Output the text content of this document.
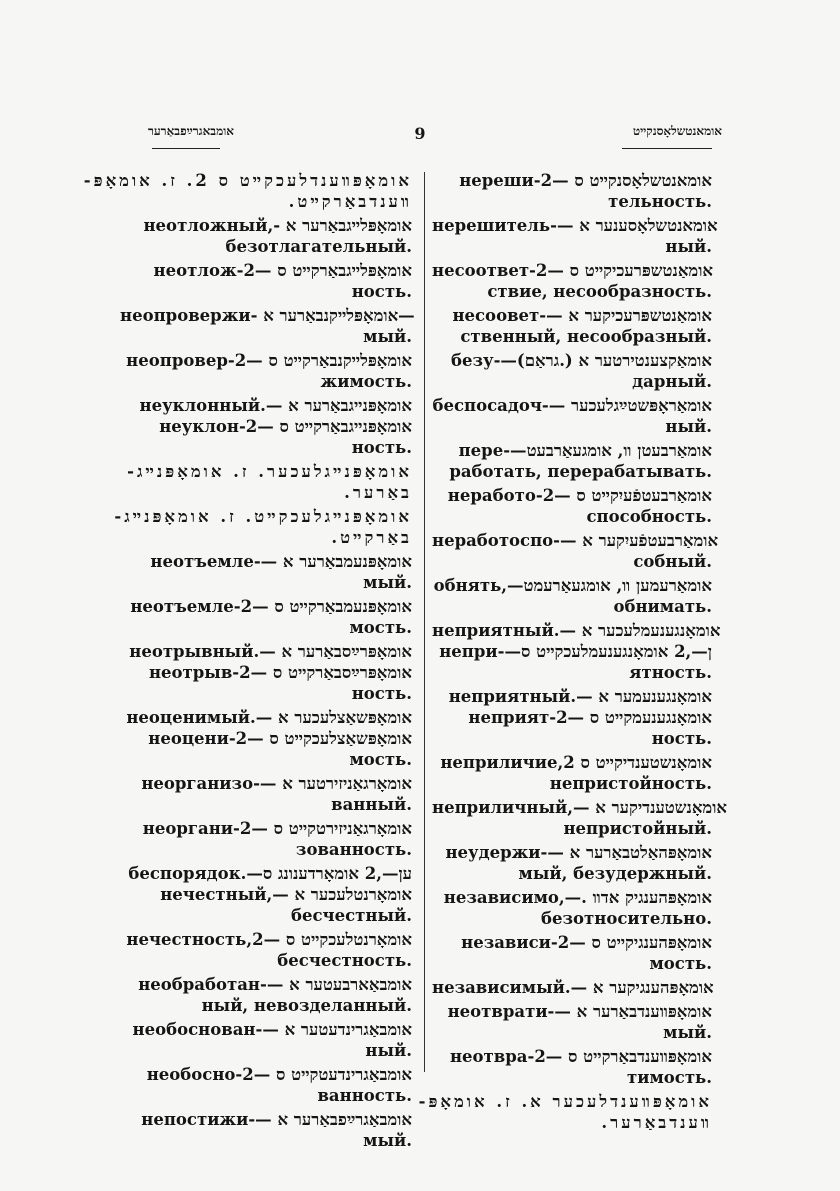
אומבאגרײַפבאַרער	9	אומאנטשלאָסנקײט
אומאָפּװענדלעכקײט ס 2. ז. אומאָפּ-
װענדבאַרקײט.
неотложный,- אומאָפּלײגבאַרער א
безотлагательный.
неотлож-2— אומאָפּלײגבאַרקײט ס
ность.
неопровержи- אומאָפּלײקנבאַרער א—
мый.
неопровер-2— אומאָפּלײקנבאַרקײט ס
жимость.
неуклонный.— אומאָפּנײגבאַרער א
неуклон-2— אומאָפּנײגבאַרקײט ס
ность.
אומאָפּנײגלעכער. ז. אומאָפּנײג-
באַרער.
אומאָפּנײגלעכקײט. ז. אומאָפּנײג-
באַרקײט.
неотъемле-— אומאָפּנעמבאַרער א
мый.
неотъемле-2— אומאָפּנעמבאַרקײט ס
мость.
неотрывный.— אומאָפּרײַסבאַרער א
неотрыв-2— אומאָפּרײַסבאַרקײט ס
ность.
неоценимый.— אומאָפּשאַצלעכער א
неоцени-2— אומאָפּשאַצלעכקײט ס
мость.
неорганизо-— אומאָרגאַניזירטער א
ванный.
неоргани-2— אומאָרגאַניזירטקײט ס
зованность.
беспорядок.—ען—,2 אומאָרדענונג ס
нечестный,— אומאָרנטלעכער א
бесчестный.
нечестность,2— אומאָרנטלעכקײט ס
бесчестность.
необработан-— אומבאַארבעטער א
ный, невозделанный.
необоснован-— אומבאַגרינדעטער א
ный.
необосно-2— אומבאַגרינדעטקײט ס
ванность.
непостижи-— אומבאַגרײַפבאַרער א
мый.
нереши-2— אומאנטשלאָסנקײט ס
тельность.
нерешитель-— אומאנטשלאָסענער א
ный.
несоответ-2— אומאַנטשפּרעכיקײט ס
ствие, несообразность.
несоовет-— אומאַנטשפּרעכיקער א
ственный, несообразный.
безу-—(גראַם.) אומאַקצענטירטער א
дарный.
беспосадоч-— אומאַראָפּשטײַגלעכער
ный.
пере-—אומאַרבעטן װ, אומגעאַרבעט
работать, перерабатывать.
неработо-2— אומאַרבעטפֿעיִקײט ס
способность.
неработоспо-— אומאַרבעטפֿעיִקער א
собный.
обнять,—אומאַרעמען װ, אומגעאַרעמט
обнимать.
неприятный.— אומאָנגענעמלעכער א
непри-—ן—,2 אומאָנגענעמלעכקײט ס
ятность.
неприятный.— אומאָנגענעמער א
неприят-2— אומאָנגענעמקײט ס
ность.
неприличие,2 אומאָנשטענדיקײט ס
непристойность.
неприличный,— אומאָנשטענדיקער א
непристойный.
неудержи-— אומאָפּהאַלטבאַרער א
мый, безудержный.
независимо,—. אומאָפּהענגיק אדװ
безотносительно.
независи-2— אומאָפּהענגיקײט ס
мость.
независимый.— אומאָפּהענגיקער א
неотврати-— אומאָפּװענדבאַרער א
мый.
неотвра-2— אומאָפּװענדבאַרקײט ס
тимость.
אומאָפּװענדלעכער א. ז. אומאָפּ-
װענדבאַרער.
